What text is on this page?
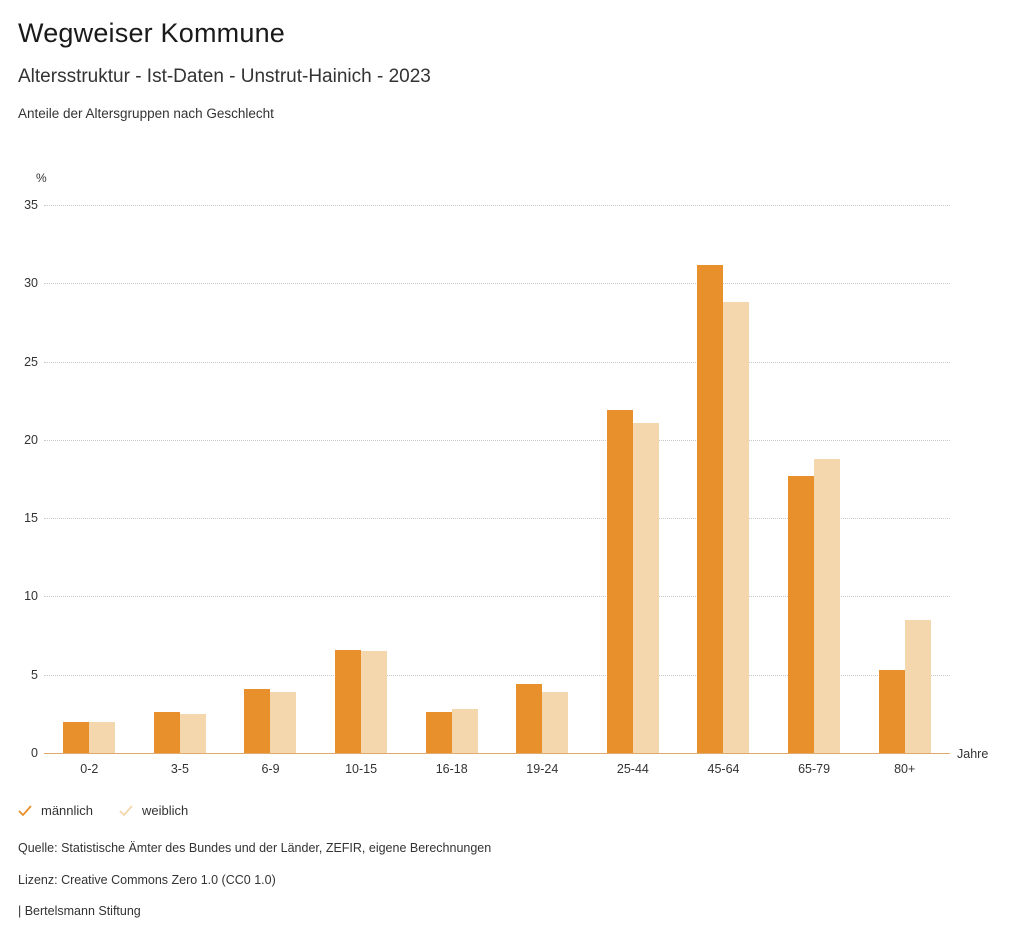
Wegweiser Kommune
Altersstruktur - Ist-Daten - Unstrut-Hainich - 2023
Anteile der Altersgruppen nach Geschlecht
%
Jahre
0
5
10
15
20
25
30
35
0-2	3-5	6-9	10-15	16-18	19-24	25-44	45-64	65-79	80+
männlich	weiblich
Quelle: Statistische Ämter des Bundes und der Länder, ZEFIR, eigene Berechnungen
Lizenz: Creative Commons Zero 1.0 (CC0 1.0)
| Bertelsmann Stiftung
